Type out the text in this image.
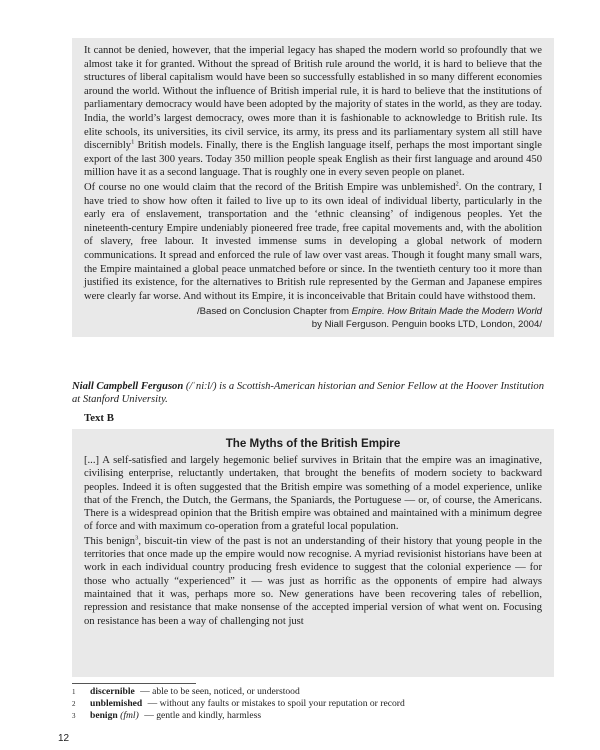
It cannot be denied, however, that the imperial legacy has shaped the modern world so profoundly that we almost take it for granted. Without the spread of British rule around the world, it is hard to believe that the structures of liberal capitalism would have been so successfully established in so many different economies around the world. Without the influence of British imperial rule, it is hard to believe that the institutions of parliamentary democracy would have been adopted by the majority of states in the world, as they are today. India, the world’s largest democracy, owes more than it is fashionable to acknowledge to British rule. Its elite schools, its universities, its civil service, its army, its press and its parliamentary system all still have discernibly$^1$ British models. Finally, there is the English language itself, perhaps the most important single export of the last 300 years. Today 350 million people speak English as their first language and around 450 million have it as a second language. That is roughly one in every seven people on planet.

Of course no one would claim that the record of the British Empire was unblemished$^2$. On the contrary, I have tried to show how often it failed to live up to its own ideal of individual liberty, particularly in the early era of enslavement, transportation and the ‘ethnic cleansing’ of indigenous peoples. Yet the nineteenth-century Empire undeniably pioneered free trade, free capital movements and, with the abolition of slavery, free labour. It invested immense sums in developing a global network of modern communications. It spread and enforced the rule of law over vast areas. Though it fought many small wars, the Empire maintained a global peace unmatched before or since. In the twentieth century too it more than justified its existence, for the alternatives to British rule represented by the German and Japanese empires were clearly far worse. And without its Empire, it is inconceivable that Britain could have withstood them.

/Based on Conclusion Chapter from Empire. How Britain Made the Modern World
by Niall Ferguson. Penguin books LTD, London, 2004/

Niall Campbell Ferguson (/ˈniːl/) is a Scottish-American historian and Senior Fellow at the Hoover Institution at Stanford University.

Text B

The Myths of the British Empire

[...] A self-satisfied and largely hegemonic belief survives in Britain that the empire was an imaginative, civilising enterprise, reluctantly undertaken, that brought the benefits of modern society to backward peoples. Indeed it is often suggested that the British empire was something of a model experience, unlike that of the French, the Dutch, the Germans, the Spaniards, the Portuguese — or, of course, the Americans. There is a widespread opinion that the British empire was obtained and maintained with a minimum degree of force and with maximum co-operation from a grateful local population.

This benign$^3$, biscuit-tin view of the past is not an understanding of their history that young people in the territories that once made up the empire would now recognise. A myriad revisionist historians have been at work in each individual country producing fresh evidence to suggest that the colonial experience — for those who actually “experienced” it — was just as horrific as the opponents of empire had always maintained that it was, perhaps more so. New generations have been recovering tales of rebellion, repression and resistance that make nonsense of the accepted imperial version of what went on. Focusing on resistance has been a way of challenging not just

1	discernible — able to be seen, noticed, or understood
2	unblemished — without any faults or mistakes to spoil your reputation or record
3	benign (fml) — gentle and kindly, harmless

12
